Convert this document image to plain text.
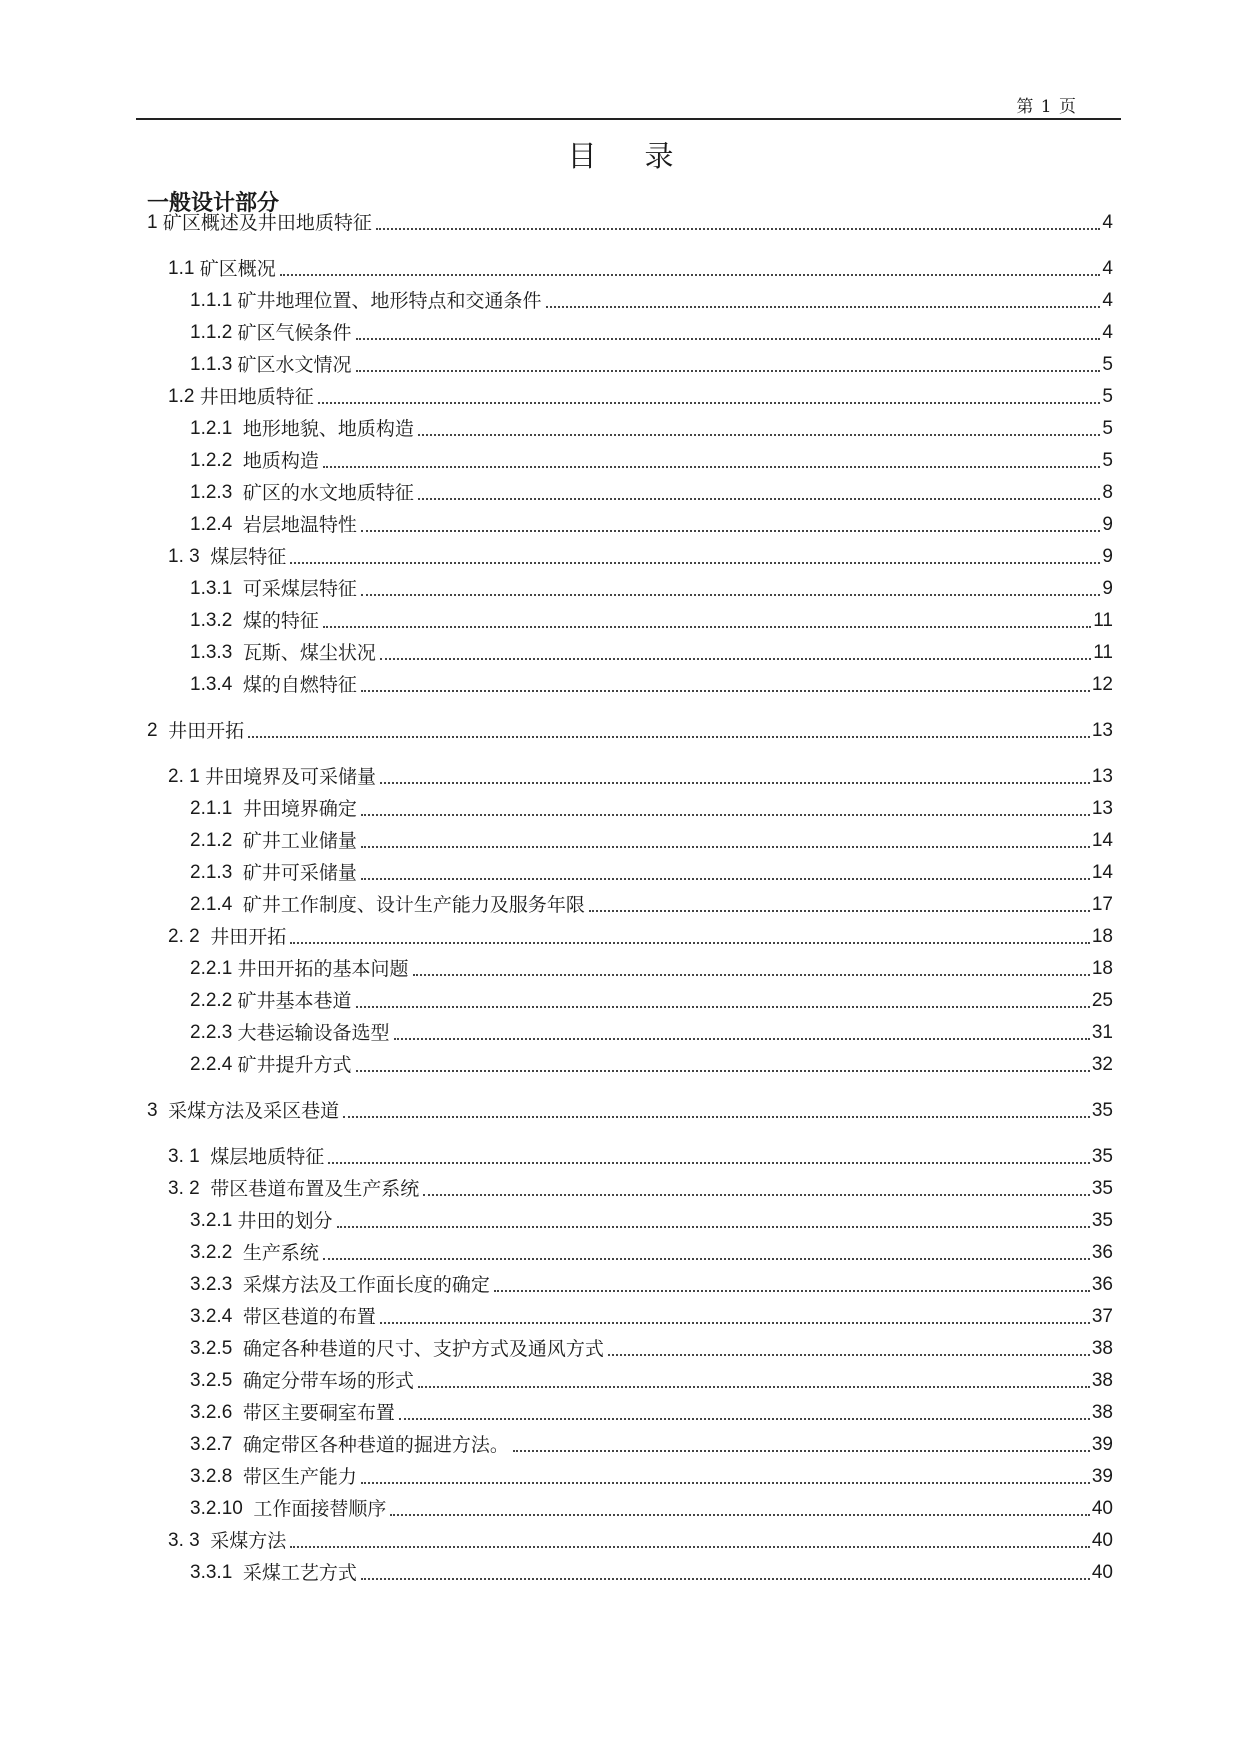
第 1 页
目录
一般设计部分
1 矿区概述及井田地质特征	4
1.1 矿区概况	4
1.1.1 矿井地理位置、地形特点和交通条件	4
1.1.2 矿区气候条件	4
1.1.3 矿区水文情况	5
1.2 井田地质特征	5
1.2.1 地形地貌、地质构造	5
1.2.2 地质构造	5
1.2.3 矿区的水文地质特征	8
1.2.4 岩层地温特性	9
1. 3 煤层特征	9
1.3.1 可采煤层特征	9
1.3.2 煤的特征	11
1.3.3 瓦斯、煤尘状况	11
1.3.4 煤的自燃特征	12
2 井田开拓	13
2. 1 井田境界及可采储量	13
2.1.1 井田境界确定	13
2.1.2 矿井工业储量	14
2.1.3 矿井可采储量	14
2.1.4 矿井工作制度、设计生产能力及服务年限	17
2. 2 井田开拓	18
2.2.1 井田开拓的基本问题	18
2.2.2 矿井基本巷道	25
2.2.3 大巷运输设备选型	31
2.2.4 矿井提升方式	32
3 采煤方法及采区巷道	35
3. 1 煤层地质特征	35
3. 2 带区巷道布置及生产系统	35
3.2.1 井田的划分	35
3.2.2 生产系统	36
3.2.3 采煤方法及工作面长度的确定	36
3.2.4 带区巷道的布置	37
3.2.5 确定各种巷道的尺寸、支护方式及通风方式	38
3.2.5 确定分带车场的形式	38
3.2.6 带区主要硐室布置	38
3.2.7 确定带区各种巷道的掘进方法。	39
3.2.8 带区生产能力	39
3.2.10 工作面接替顺序	40
3. 3 采煤方法	40
3.3.1 采煤工艺方式	40
